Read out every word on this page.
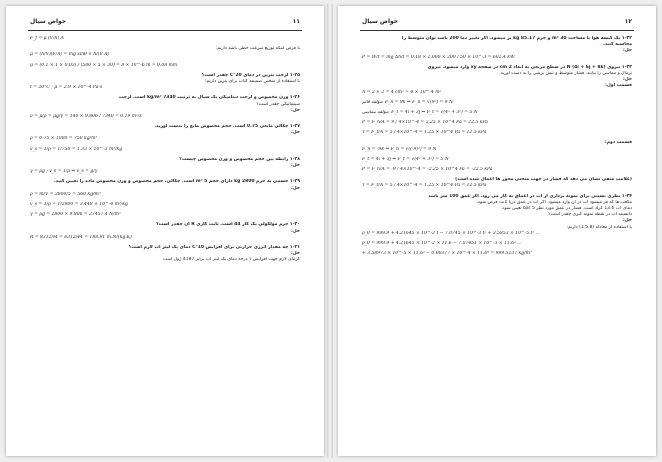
۱۱
خواص سیال
F_f = μ (V/h) A
با فرض اینکه توزیع سرعت خطی باشد داریم:
μ = (h/V)(F/A) = mg sinθ × h/(V A)
μ = (0.1 × 1 × 0.03) / (500 × 5 × 30) = 8 × 10^-6 m = 0.08 mm
۱-۲۵ لزجت بنزین در دمای 20°C چقدر است؟
با استفاده از منحنی ضمیمه کتاب برای بنزین داریم:
t = 20°C ; μ = 2.9 × 10^-4 Pa·s
۱-۲۶ وزن مخصوص و لزجت دینامیکی یک سیال به ترتیب 7340 kg/m³ است. لزجت
سینماتیکی چقدر است؟
حل:
ν = μ/ρ = μg/γ = 140 × 9.806 / 7340 = 0.19 m²/s
۱-۲۷ چگالی مایعی 0.75 است. حجم مخصوص مایع را بدست آورید.
حل:
ρ = 0.75 × 1000 = 750 kg/m³
v_s = 1/ρ = 1/750 = 1.33 × 10^-3 m³/kg
۱-۲۸ رابطه بین حجم مخصوص و وزن مخصوص چیست؟
حل:
γ = ρg ; v_s = 1/ρ ⇒ v_s = g/γ
۱-۲۹ جسمی به جرم 2800 kg دارای حجم 5 m³ است. چگالی، حجم مخصوص و وزن مخصوص ماده را تعیین کنید.
حل:
ρ = m/V = 2800/5 = 560 kg/m³
v_s = 1/ρ = 1/2800 = 3.448 × 10^-4 m³/kg
γ = ρg = 2800 × 9.806 = 27457.4 N/m³
۱-۳۰ جرم مولکولی یک گاز 44 است. ثابت گازی R آن چقدر است؟
حل:
R = 8312/M = 8312/44 = 188.91 m.N/(kg.K)
۱-۳۱ چه مقدار انرژی حرارتی برای افزایش 10°C دمای یک لیتر آب لازم است؟
حل:
گرمای لازم جهت افزایش ۱ درجه دمای یک لیتر آب برابر 4187 ژول است
۱۲
خواص سیال
۱-۳۲ یک کیسه هوا با مساحت 30 m² و جرم 85.17 kg پر میشود. اگر تغییر دما 200 باشد توان متوسط را
محاسبه کنید.
حل:
P = W/t = mg Δh/t = 0.18 × 1.000 × 200 / 50 × 10^-3 = 602.4 kW
۱-۳۳ نیروی (4i + 6j + 8k) N در سطح مربعی به ابعاد 2 cm در صفحه xy وارد میشود. نیروی
نرمال و مماسی را بیابید. فشار متوسط و تنش برشی را به دست آورید.
حل:
قسمت اول:
A = 2 × 2 = 4 cm² = 4 × 10^-4 m²
مؤلفه قائم: F_n = 9k ⇒ F_n = √(9²) = 9 N
مؤلفه مماسی: F_t = 4i + 3j ⇒ F_t = √(4² + 3²) = 5 N
P = F_n/A = 9 / 4×10^-4 = 2.25 × 10^4 Pa = 22.5 kPa
τ = F_t/A = 5 / 4×10^-4 = 1.25 × 10^4 Pa = 12.5 kPa
قسمت دوم:
F_n = -9k ⇒ F_n = √((-9)²) = 9 N
F_t = 4i + 3j ⇒ F_t = √(4² + 3²) = 5 N
P = F_n/A = -9 / 4×10^-4 = -2.25 × 10^4 Pa = -22.5 kPa
(علامت منفی نشان می دهد که فشار در جهت منحنی محور ها اعمال شده است)
τ = F_t/A = 5 / 4×10^-4 = 1.25 × 10^4 Pa = 12.5 kPa
۱-۳۴ بطری بستنی برای نمونه برداری از آب در اعماق به کار می رود. اگر عمق 100 متر باشد
مکعب ها که فر میشود آب در آن وارد میشود. اگر آب در عمق دریا ثابت فرض شود،
دمای آب 13.6 گراد است. فشار در عمق مورد نظر 5 bar تعیین شود.
دانسیته آب در نقطه نمونه گیری چقدر است؟
حل:
با استفاده از معادله (1.5.8) داریم:
ρ_0 = 999.9 + 4.21645 × 10^-2 t − 7.0745 × 10^-3 t² + 3.5853 × 10^-5 t³ ...
ρ_0 = 999.9 + 4.21645 × 10^-2 × 11.6 − 7.07451 × 10^-3 × 11.6² ...
+ 3.58973 × 10^-5 × 11.6³ − 0.00377 × 10^-4 × 11.6⁴ = 999.5237 kg/m³
